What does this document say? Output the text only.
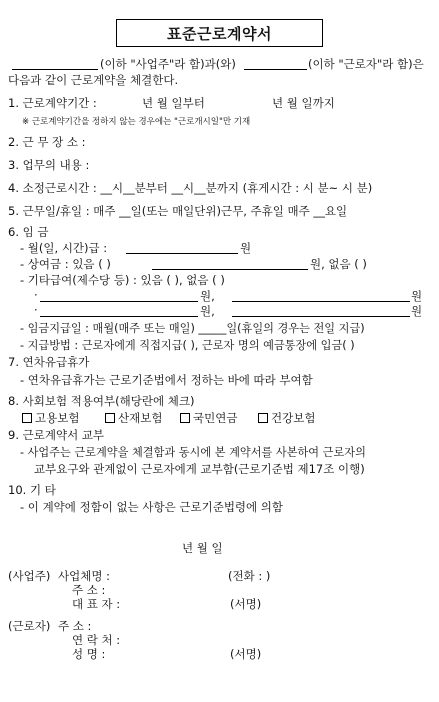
표준근로계약서
(이하 "사업주"라 함)과(와)	(이하 "근로자"라 함)은
다음과 같이 근로계약을 체결한다.
1. 근로계약기간 :	년 월 일부터	년 월 일까지
※ 근로계약기간을 정하지 않는 경우에는 "근로개시일"만 기재
2. 근 무 장 소 :
3. 업무의 내용 :
4. 소정근로시간 : __시__분부터 __시__분까지 (휴게시간 : 시 분~ 시 분)
5. 근무일/휴일 : 매주 __일(또는 매일단위)근무, 주휴일 매주 __요일
6. 임 금
- 월(일, 시간)급 :	원
- 상여금 : 있음 ( )	원, 없음 ( )
- 기타급여(제수당 등) : 있음 ( ), 없음 ( )
·	원,	원
·	원,	원
- 임금지급일 : 매월(매주 또는 매일) _____일(휴일의 경우는 전일 지급)
- 지급방법 : 근로자에게 직접지급( ), 근로자 명의 예금통장에 입금( )
7. 연차유급휴가
- 연차유급휴가는 근로기준법에서 정하는 바에 따라 부여함
8. 사회보험 적용여부(해당란에 체크)
고용보험	산재보험	국민연금	건강보험
9. 근로계약서 교부
- 사업주는 근로계약을 체결함과 동시에 본 계약서를 사본하여 근로자의
교부요구와 관계없이 근로자에게 교부함(근로기준법 제17조 이행)
10. 기 타
- 이 계약에 정함이 없는 사항은 근로기준법령에 의함
년 월 일
(사업주) 사업체명 :	(전화 : )
주 소 :
대 표 자 :	(서명)
(근로자) 주 소 :
연 락 처 :
성 명 :	(서명)
